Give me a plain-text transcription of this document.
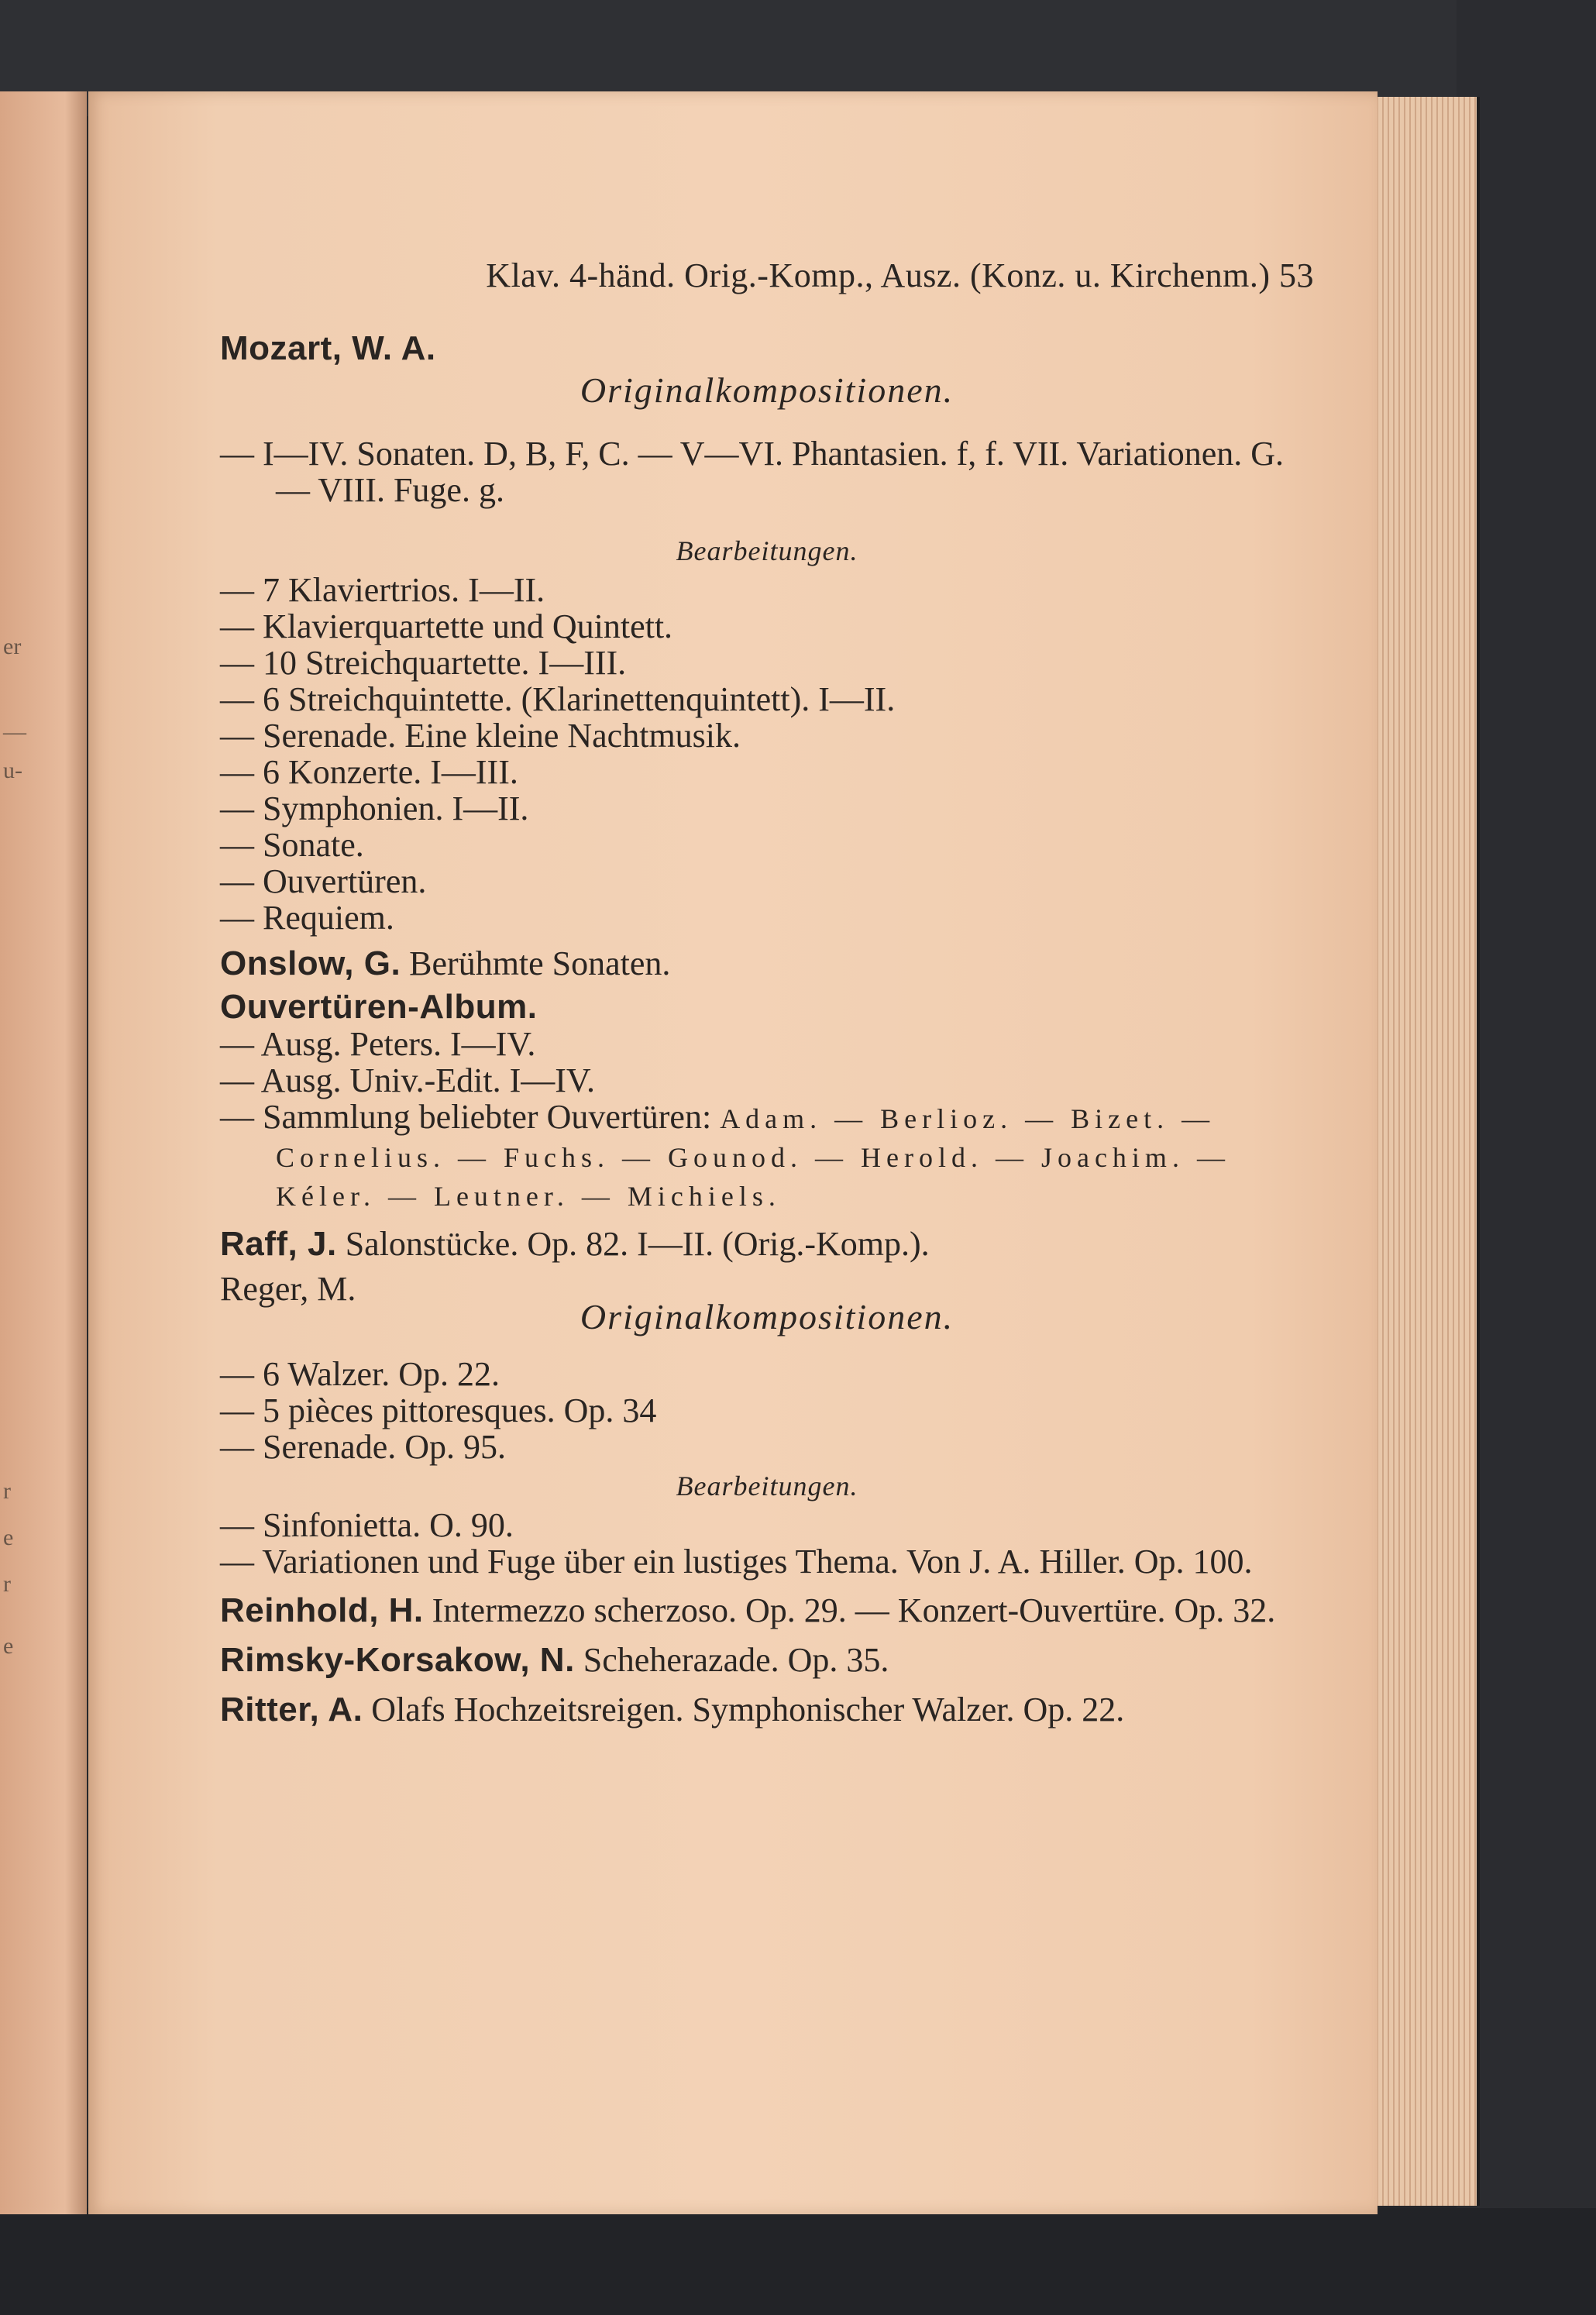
er
—
u-
r
e
r
e
Klav. 4-händ. Orig.-Komp., Ausz. (Konz. u. Kirchenm.) 53
Mozart, W. A.
Originalkompositionen.
— I—IV. Sonaten. D, B, F, C. — V—VI. Phantasien. f, f. VII. Variationen. G. — VIII. Fuge. g.
Bearbeitungen.
— 7 Klaviertrios. I—II.
— Klavierquartette und Quintett.
— 10 Streichquartette. I—III.
— 6 Streichquintette. (Klarinettenquintett). I—II.
— Serenade. Eine kleine Nachtmusik.
— 6 Konzerte. I—III.
— Symphonien. I—II.
— Sonate.
— Ouvertüren.
— Requiem.
Onslow, G. Berühmte Sonaten.
Ouvertüren-Album.
— Ausg. Peters. I—IV.
— Ausg. Univ.-Edit. I—IV.
— Sammlung beliebter Ouvertüren: Adam. — Berlioz. — Bizet. — Cornelius. — Fuchs. — Gounod. — Herold. — Joachim. — Kéler. — Leutner. — Michiels.
Raff, J. Salonstücke. Op. 82. I—II. (Orig.-Komp.).
Reger, M.
Originalkompositionen.
— 6 Walzer. Op. 22.
— 5 pièces pittoresques. Op. 34
— Serenade. Op. 95.
Bearbeitungen.
— Sinfonietta. O. 90.
— Variationen und Fuge über ein lustiges Thema. Von J. A. Hiller. Op. 100.
Reinhold, H. Intermezzo scherzoso. Op. 29. — Konzert-Ouvertüre. Op. 32.
Rimsky-Korsakow, N. Scheherazade. Op. 35.
Ritter, A. Olafs Hochzeitsreigen. Symphonischer Walzer. Op. 22.
